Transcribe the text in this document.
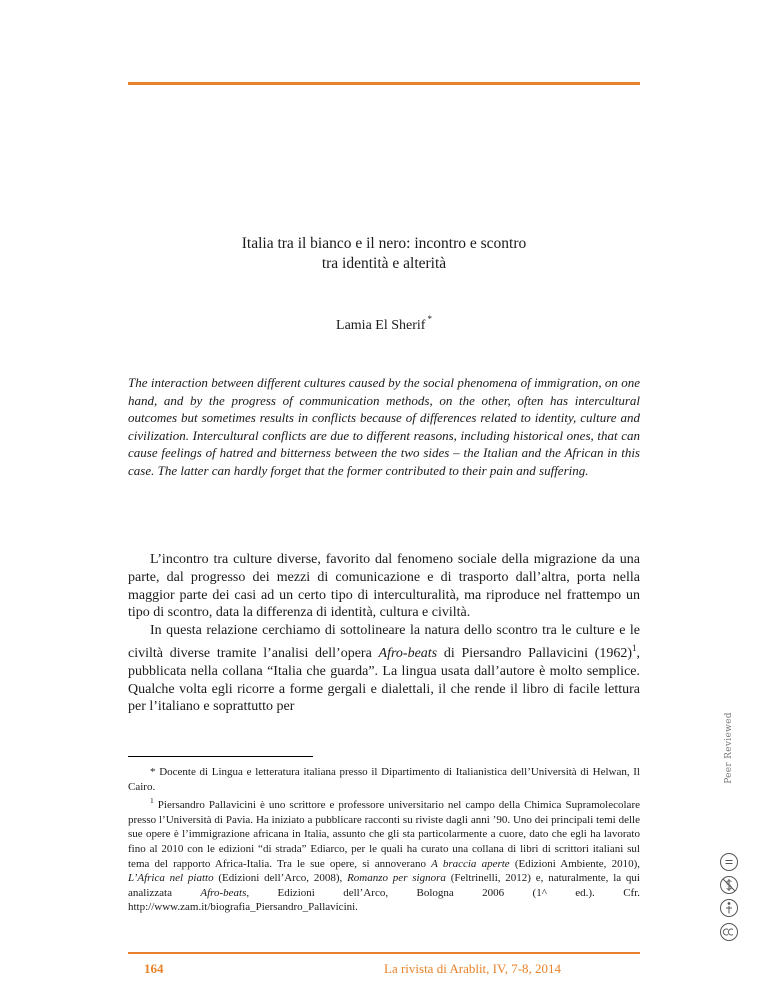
Italia tra il bianco e il nero: incontro e scontro
tra identità e alterità
Lamia El Sherif *
The interaction between different cultures caused by the social phenomena of immigration, on one hand, and by the progress of communication methods, on the other, often has intercultural outcomes but sometimes results in conflicts because of differences related to identity, culture and civilization. Intercultural conflicts are due to different reasons, including historical ones, that can cause feelings of hatred and bitterness between the two sides – the Italian and the African in this case. The latter can hardly forget that the former contributed to their pain and suffering.

L’incontro tra culture diverse, favorito dal fenomeno sociale della migrazione da una parte, dal progresso dei mezzi di comunicazione e di trasporto dall’altra, porta nella maggior parte dei casi ad un certo tipo di interculturalità, ma riproduce nel frattempo un tipo di scontro, data la differenza di identità, cultura e civiltà.

In questa relazione cerchiamo di sottolineare la natura dello scontro tra le culture e le civiltà diverse tramite l’analisi dell’opera Afro-beats di Piersandro Pallavicini $(1962)^1$, pubblicata nella collana “Italia che guarda”. La lingua usata dall’autore è molto semplice. Qualche volta egli ricorre a forme gergali e dialettali, il che rende il libro di facile lettura per l’italiano e soprattutto per

* Docente di Lingua e letteratura italiana presso il Dipartimento di Italianistica dell’Università di Helwan, Il Cairo.

$^1$ Piersandro Pallavicini è uno scrittore e professore universitario nel campo della Chimica Supramolecolare presso l’Università di Pavia. Ha iniziato a pubblicare racconti su riviste dagli anni ’90. Uno dei principali temi delle sue opere è l’immigrazione africana in Italia, assunto che gli sta particolarmente a cuore, dato che egli ha lavorato fino al 2010 con le edizioni “di strada” Ediarco, per le quali ha curato una collana di libri di scrittori italiani sul tema del rapporto Africa-Italia. Tra le sue opere, si annoverano A braccia aperte (Edizioni Ambiente, 2010), L’Africa nel piatto (Edizioni dell’Arco, 2008), Romanzo per signora (Feltrinelli, 2012) e, naturalmente, la qui analizzata Afro-beats, Edizioni dell’Arco, Bologna 2006 (1^ ed.). Cfr. http://www.zam.it/biografia_Piersandro_Pallavicini.

Peer Reviewed
164	La rivista di Arablit, IV, 7-8, 2014
